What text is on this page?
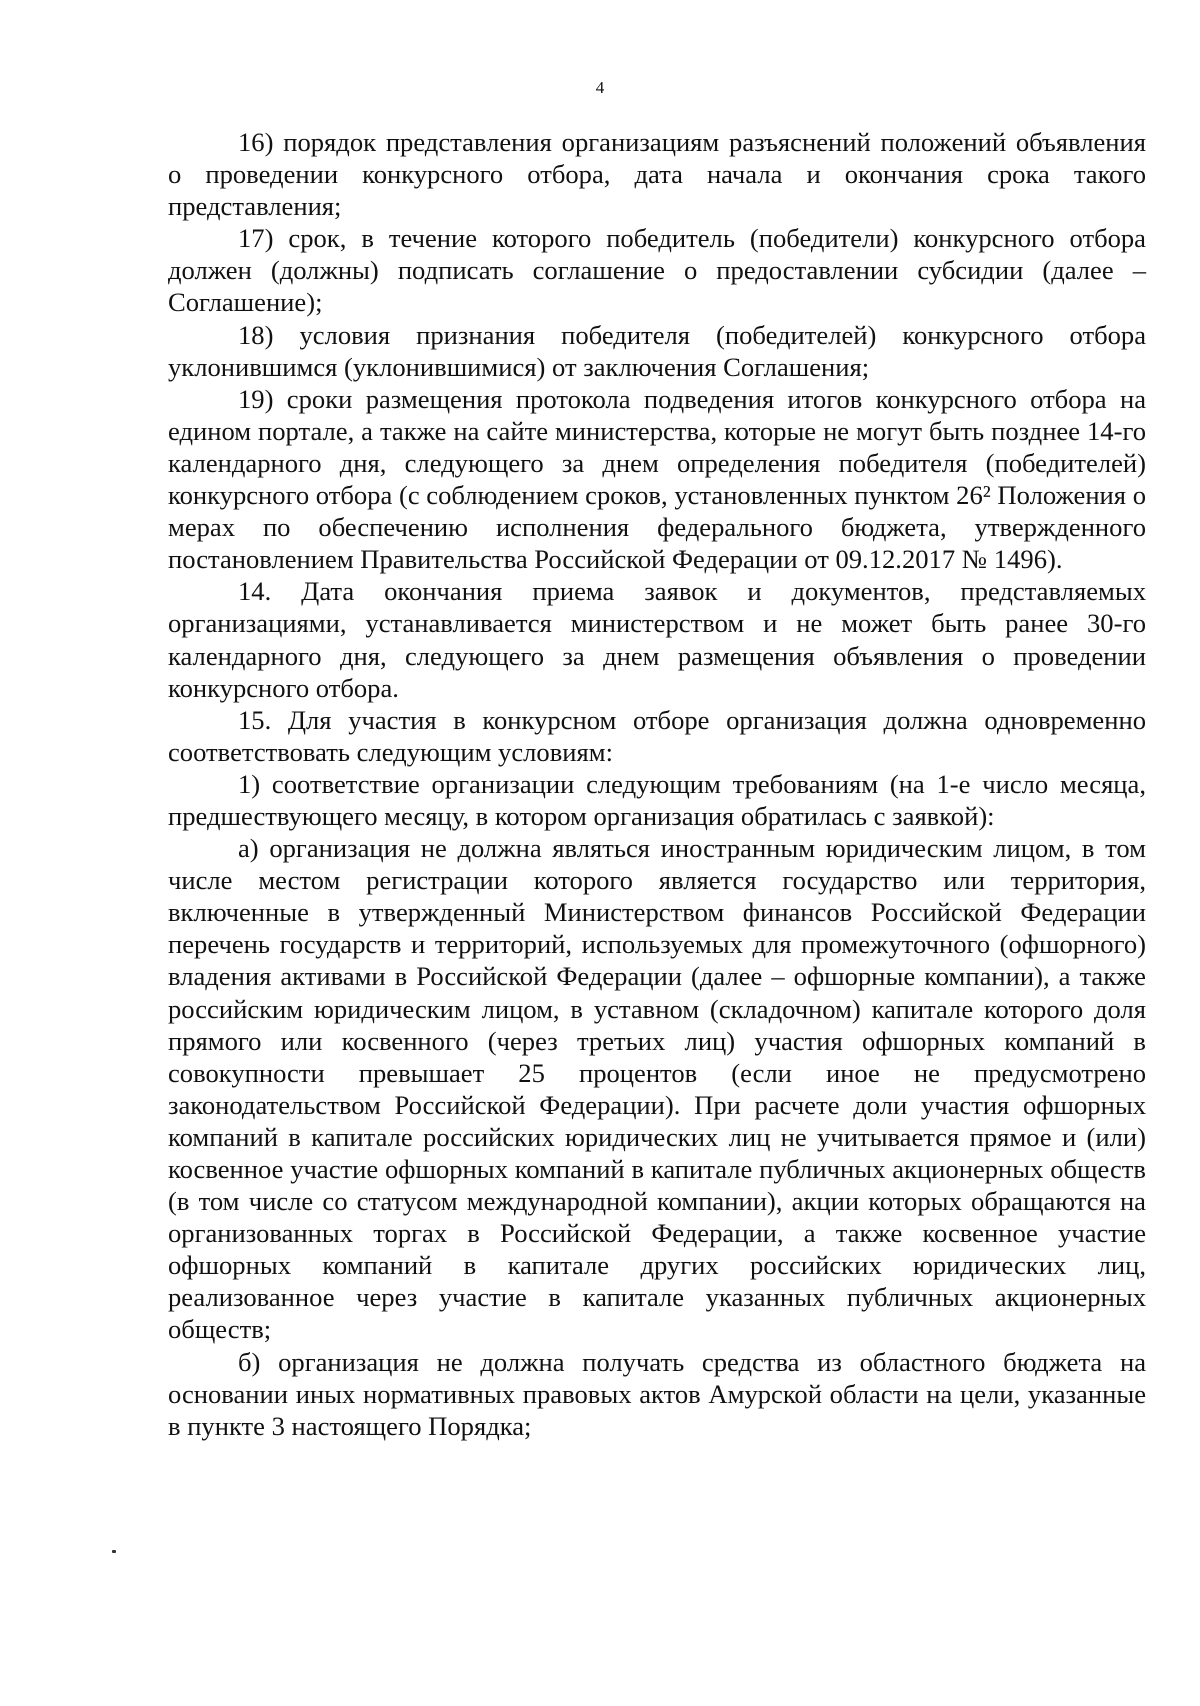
4

16) порядок представления организациям разъяснений положений объявления о проведении конкурсного отбора, дата начала и окончания срока такого представления;

17) срок, в течение которого победитель (победители) конкурсного отбора должен (должны) подписать соглашение о предоставлении субсидии (далее – Соглашение);

18) условия признания победителя (победителей) конкурсного отбора уклонившимся (уклонившимися) от заключения Соглашения;

19) сроки размещения протокола подведения итогов конкурсного отбора на едином портале, а также на сайте министерства, которые не могут быть позднее 14-го календарного дня, следующего за днем определения победителя (победителей) конкурсного отбора (с соблюдением сроков, установленных пунктом 26² Положения о мерах по обеспечению исполнения федерального бюджета, утвержденного постановлением Правительства Российской Федерации от 09.12.2017 № 1496).

14. Дата окончания приема заявок и документов, представляемых организациями, устанавливается министерством и не может быть ранее 30-го календарного дня, следующего за днем размещения объявления о проведении конкурсного отбора.

15. Для участия в конкурсном отборе организация должна одновременно соответствовать следующим условиям:

1) соответствие организации следующим требованиям (на 1-е число месяца, предшествующего месяцу, в котором организация обратилась с заявкой):

а) организация не должна являться иностранным юридическим лицом, в том числе местом регистрации которого является государство или территория, включенные в утвержденный Министерством финансов Российской Федерации перечень государств и территорий, используемых для промежуточного (офшорного) владения активами в Российской Федерации (далее – офшорные компании), а также российским юридическим лицом, в уставном (складочном) капитале которого доля прямого или косвенного (через третьих лиц) участия офшорных компаний в совокупности превышает 25 процентов (если иное не предусмотрено законодательством Российской Федерации). При расчете доли участия офшорных компаний в капитале российских юридических лиц не учитывается прямое и (или) косвенное участие офшорных компаний в капитале публичных акционерных обществ (в том числе со статусом международной компании), акции которых обращаются на организованных торгах в Российской Федерации, а также косвенное участие офшорных компаний в капитале других российских юридических лиц, реализованное через участие в капитале указанных публичных акционерных обществ;

б) организация не должна получать средства из областного бюджета на основании иных нормативных правовых актов Амурской области на цели, указанные в пункте 3 настоящего Порядка;
